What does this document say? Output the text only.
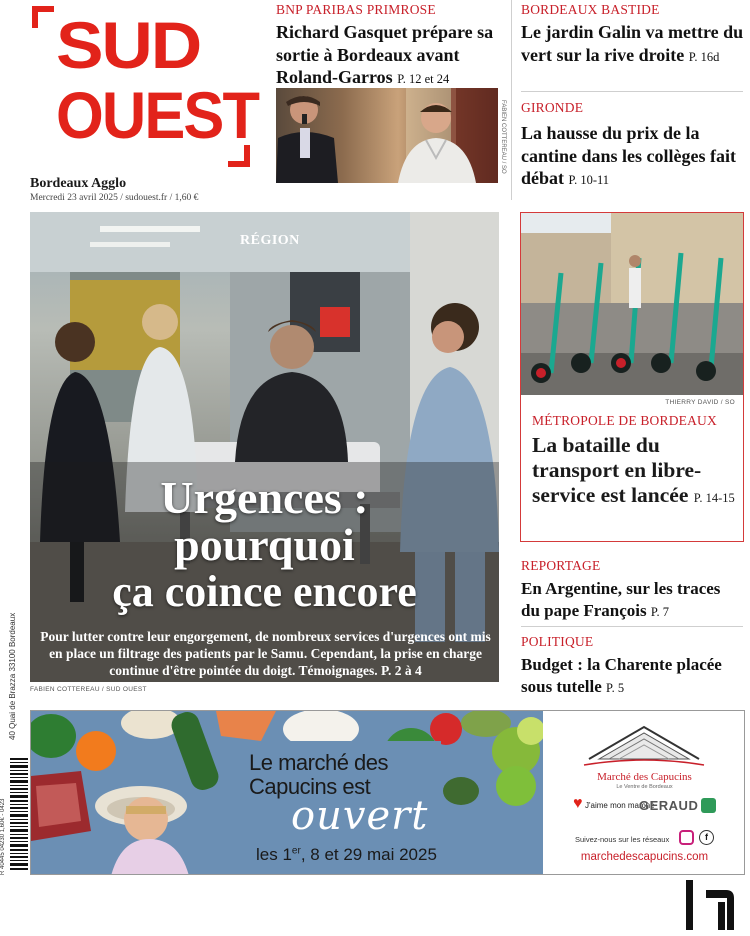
SUD
OUEST
Bordeaux Agglo
Mercredi 23 avril 2025 / sudouest.fr / 1,60 €
BNP PARIBAS PRIMROSE
Richard Gasquet prépare sa sortie à Bordeaux avant Roland-Garros P. 12 et 24
FABIEN COTTEREAU / SO
BORDEAUX BASTIDE
Le jardin Galin va mettre du vert sur la rive droite P. 16d
GIRONDE
La hausse du prix de la cantine dans les collèges fait débat P. 10-11
RÉGION
Urgences :
pourquoi
ça coince encore
Pour lutter contre leur engorgement, de nombreux services d'urgences ont mis en place un filtrage des patients par le Samu. Cependant, la prise en charge continue d'être pointée du doigt. Témoignages. P. 2 à 4
FABIEN COTTEREAU / SUD OUEST
THIERRY DAVID / SO
MÉTROPOLE DE BORDEAUX
La bataille du transport en libre-service est lancée P. 14-15
REPORTAGE
En Argentine, sur les traces du pape François P. 7
POLITIQUE
Budget : la Charente placée sous tutelle P. 5
40 Quai de Brazza 33100 Bordeaux
R 40445 04230 1,60€ - 0423
Le marché des
Capucins est
ouvert
les 1er, 8 et 29 mai 2025
Marché des Capucins
Le Ventre de Bordeaux
♥ J'aime mon marché
GERAUD
Suivez-nous sur les réseaux	f
marchedescapucins.com
